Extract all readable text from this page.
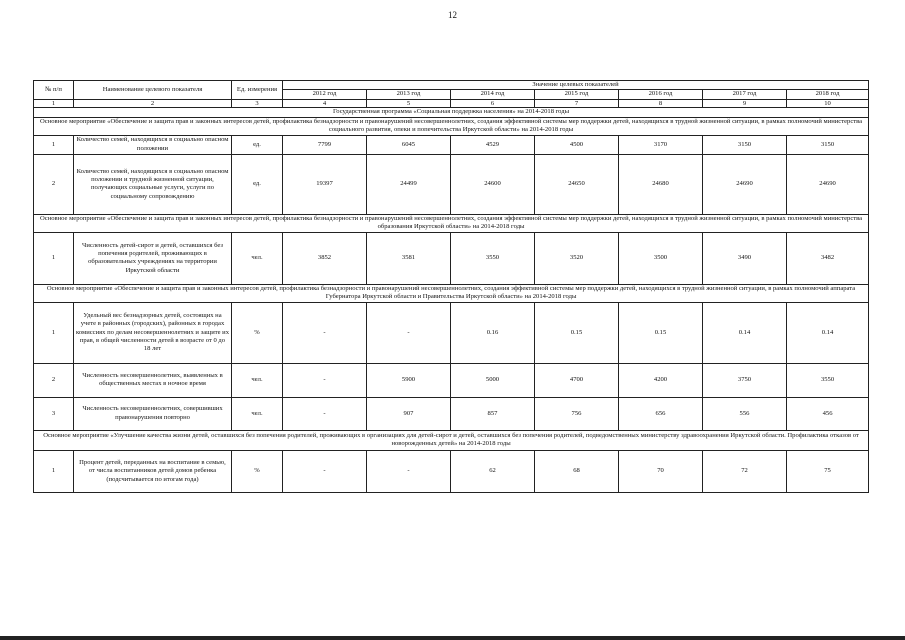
12
№ п/п	Наименование целевого показателя	Ед. измерения	Значение целевых показателей						
			2012 год	2013 год	2014 год	2015 год	2016 год	2017 год	2018 год
1	2	3	4	5	6	7	8	9	10
Государственная программа «Социальная поддержка населения» на 2014-2018 годы									
Основное мероприятие «Обеспечение и защита прав и законных интересов детей, профилактика безнадзорности и правонарушений несовершеннолетних, создания эффективной системы мер поддержки детей, находящихся в трудной жизненной ситуации, в рамках полномочий министерства социального развития, опеки и попечительства Иркутской области» на 2014-2018 годы									
1	Количество семей, находящихся в социально опасном положении	ед.	7799	6045	4529	4500	3170	3150	3150
2	Количество семей, находящихся в социально опасном положении и трудной жизненной ситуации, получающих социальные услуги, услуги по социальному сопровождению	ед.	19397	24499	24600	24650	24680	24690	24690
Основное мероприятие «Обеспечение и защита прав и законных интересов детей, профилактика безнадзорности и правонарушений несовершеннолетних, создания эффективной системы мер поддержки детей, находящихся в трудной жизненной ситуации, в рамках полномочий министерства образования Иркутской области» на 2014-2018 годы									
1	Численность детей-сирот и детей, оставшихся без попечения родителей, проживающих в образовательных учреждениях на территории Иркутской области	чел.	3852	3581	3550	3520	3500	3490	3482
Основное мероприятие «Обеспечение и защита прав и законных интересов детей, профилактика безнадзорности и правонарушений несовершеннолетних, создания эффективной системы мер поддержки детей, находящихся в трудной жизненной ситуации, в рамках полномочий аппарата Губернатора Иркутской области и Правительства Иркутской области» на 2014-2018 годы									
1	Удельный вес безнадзорных детей, состоящих на учете в районных (городских), районных в городах комиссиях по делам несовершеннолетних и защите их прав, в общей численности детей в возрасте от 0 до 18 лет	%	-	-	0.16	0.15	0.15	0.14	0.14
2	Численность несовершеннолетних, выявленных в общественных местах в ночное время	чел.	-	5900	5000	4700	4200	3750	3550
3	Численность несовершеннолетних, совершивших правонарушения повторно	чел.	-	907	857	756	656	556	456
Основное мероприятие «Улучшение качества жизни детей, оставшихся без попечения родителей, проживающих в организациях для детей-сирот и детей, оставшихся без попечения родителей, подведомственных министерству здравоохранения Иркутской области. Профилактика отказов от новорожденных детей» на 2014-2018 годы									
1	Процент детей, переданных на воспитание в семью, от числа воспитанников детей домов ребенка (подсчитывается по итогам года)	%	-	-	62	68	70	72	75
